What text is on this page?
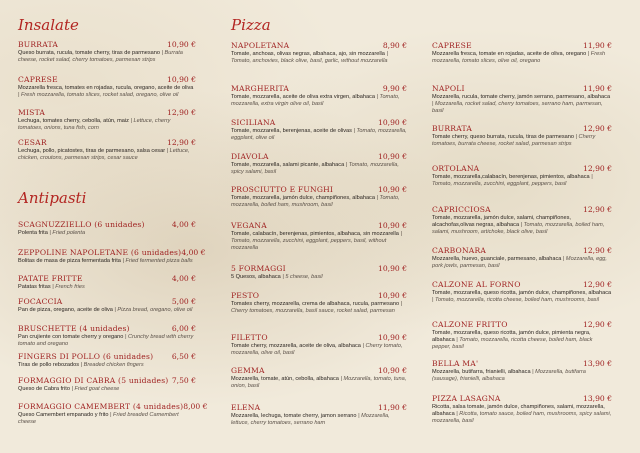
Insalate
BURRATA	10,90 €
Queso burrata, rucula, tomate cherry, tiras de parmesano | Burrata cheese, rocket salad, cherry tomatoes, parmesan strips
CAPRESE	10,90 €
Mozzarella fresca, tomates en rojadas, rucula, oregano, aceite de oliva | Fresh mozzarella, tomato slices, rocket salad, oregano, olive oil
MISTA	12,90 €
Lechuga, tomates cherry, cebolla, atún, maiz | Lettuce, cherry tomatoes, onions, tuna fish, corn
CESAR	12,90 €
Lechuga, pollo, picatostes, tiras de parmesano, salsa cesar | Lettuce, chicken, croutons, parmesan strips, cesar sauce
Antipasti
SCAGNUZZIELLO (6 unidades)	4,00 €
Polenta frita | Fried polenta
ZEPPOLINE NAPOLETANE (6 unidades) 4,00 €
Bolitas de masa de pizza fermentada frita | Fried fermented pizza balls
PATATE FRITTE	4,00 €
Patatas fritas | French fries
FOCACCIA	5,00 €
Pan de pizza, oregano, aceite de oliva | Pizza bread, oregano, olive oil
BRUSCHETTE (4 unidades)	6,00 €
Pan crujiente con tomate cherry y oregano | Crunchy bread with cherry tomato and oregano
FINGERS DI POLLO (6 unidades) 6,50 €
Tiras de pollo rebozados | Breaded chicken fingers
FORMAGGIO DI CABRA (5 unidades) 7,50 €
Queso de Cabra frito | Fried goat cheese
FORMAGGIO CAMEMBERT (4 unidades) 8,00 €
Queso Camembert empanado y frito | Fried breaded Camembert cheese
Pizza
NAPOLETANA	8,90 €
Tomate, anchoas, olivas negras, albahaca, ajo, sin mozzarella | Tomato, anchovies, black olive, basil, garlic, without mozzarella
MARGHERITA	9,90 €
Tomate, mozzarella, aceite de oliva extra virgen, albahaca | Tomato, mozzarella, extra virgin olive oil, basil
SICILIANA	10,90 €
Tomate, mozzarella, berenjenas, aceite de olivas | Tomato, mozzarella, eggplant, olive oil
DIAVOLA	10,90 €
Tomate, mozzarella, salami picante, albahaca | Tomato, mozzarella, spicy salami, basil
PROSCIUTTO E FUNGHI	10,90 €
Tomate, mozzarella, jamón dulce, champiñones, albahaca | Tomato, mozzarella, boiled ham, mushroom, basil
VEGANA	10,90 €
Tomate, calabacín, berenjenas, pimientos, albahaca, sin mozzarella | Tomato, mozzarella, zucchini, eggplant, peppers, basil, without mozzarella
5 FORMAGGI	10,90 €
5 Quesos, albahaca | 5 cheese, basil
PESTO	10,90 €
Tomates cherry, mozzarella, crema de albahaca, rucula, parmesano | Cherry tomatoes, mozzarella, basil sauce, rocket salad, parmesan
FILETTO	10,90 €
Tomate cherry, mozzarella, aceite de oliva, albahaca | Cherry tomato, mozzarella, olive oil, basil
GEMMA	10,90 €
Mozzarella, tomate, atún, cebolla, albahaca | Mozzarella, tomato, tuna, onion, basil
ELENA	11,90 €
Mozzarella, lechuga, tomate cherry, jamon serrano | Mozzarella, lettuce, cherry tomatoes, serrano ham
CAPRESE	11,90 €
Mozzarella fresca, tomate en rojadas, aceite de oliva, oregano | Fresh mozzarella, tomato slices, olive oil, oregano
NAPOLI	11,90 €
Mozzarella, rucula, tomate cherry, jamón serrano, parmesano, albahaca | Mozzarella, rocket salad, cherry tomatoes, serrano ham, parmesan, basil
BURRATA	12,90 €
Tomate cherry, queso burrata, rucula, tiras de parmesano | Cherry tomatoes, burrata cheese, rocket salad, parmesan strips
ORTOLANA	12,90 €
Tomate, mozzarella,calabacín, berenjenas, pimientos, albahaca | Tomato, mozzarella, zucchini, eggplant, peppers, basil
CAPRICCIOSA	12,90 €
Tomate, mozzarella, jamón dulce, salami, champiñones, alcachofas,olivas negras, albahaca | Tomato, mozzarella, boiled ham, salami, mushroom, artichoke, black olive, basil
CARBONARA	12,90 €
Mozzarella, huevo, guanciale, parmesano, albahaca | Mozzarella, egg, pork jowls, parmesan, basil
CALZONE AL FORNO	12,90 €
Tomate, mozzarella, queso ricotta, jamón dulce, champiñones, albahaca | Tomato, mozzarella, ricotta cheese, boiled ham, mushrooms, basil
CALZONE FRITTO	12,90 €
Tomate, mozzarella, queso ricotta, jamón dulce, pimienta negra, albahaca | Tomato, mozzarella, ricotta cheese, boiled ham, black pepper, basil
BELLA MA'	13,90 €
Mozzarella, butifarra, frianielli, albahaca | Mozzarella, butifarra (sausage), frianielli, albahaca
PIZZA LASAGNA	13,90 €
Ricotta, salsa tomate, jamón dulce, champiñones, salami, mozzarella, albahaca | Ricotta, tomato sauce, boiled ham, mushrooms, spicy salami, mozzarella, basil
